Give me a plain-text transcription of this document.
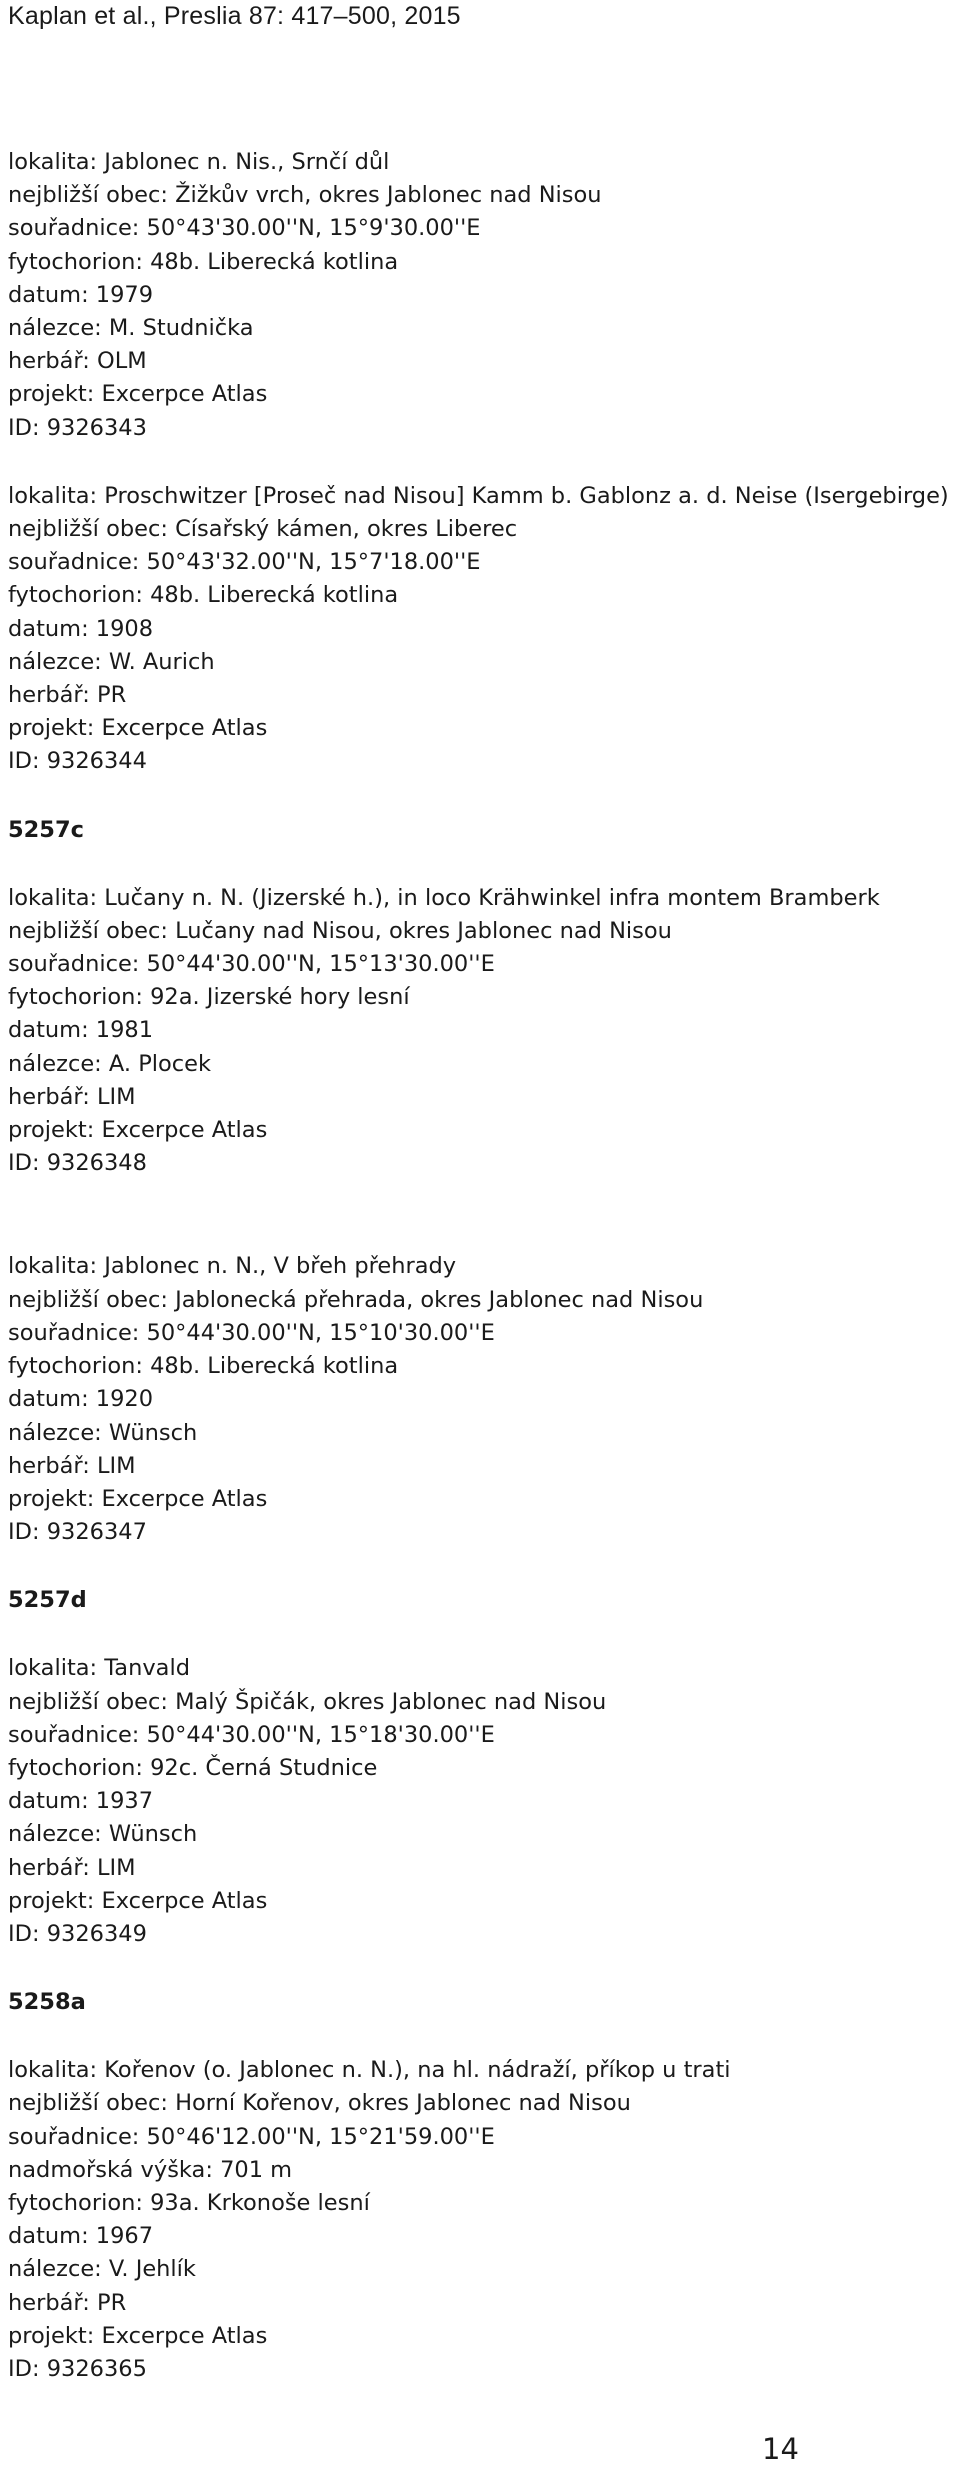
Kaplan et al., Preslia 87: 417–500, 2015
lokalita: Jablonec n. Nis., Srnčí důl
nejbližší obec: Žižkův vrch, okres Jablonec nad Nisou
souřadnice: 50°43'30.00''N, 15°9'30.00''E
fytochorion: 48b. Liberecká kotlina
datum: 1979
nálezce: M. Studnička
herbář: OLM
projekt: Excerpce Atlas
ID: 9326343
lokalita: Proschwitzer [Proseč nad Nisou] Kamm b. Gablonz a. d. Neise (Isergebirge)
nejbližší obec: Císařský kámen, okres Liberec
souřadnice: 50°43'32.00''N, 15°7'18.00''E
fytochorion: 48b. Liberecká kotlina
datum: 1908
nálezce: W. Aurich
herbář: PR
projekt: Excerpce Atlas
ID: 9326344
5257c
lokalita: Lučany n. N. (Jizerské h.), in loco Krähwinkel infra montem Bramberk
nejbližší obec: Lučany nad Nisou, okres Jablonec nad Nisou
souřadnice: 50°44'30.00''N, 15°13'30.00''E
fytochorion: 92a. Jizerské hory lesní
datum: 1981
nálezce: A. Plocek
herbář: LIM
projekt: Excerpce Atlas
ID: 9326348
lokalita: Jablonec n. N., V břeh přehrady
nejbližší obec: Jablonecká přehrada, okres Jablonec nad Nisou
souřadnice: 50°44'30.00''N, 15°10'30.00''E
fytochorion: 48b. Liberecká kotlina
datum: 1920
nálezce: Wünsch
herbář: LIM
projekt: Excerpce Atlas
ID: 9326347
5257d
lokalita: Tanvald
nejbližší obec: Malý Špičák, okres Jablonec nad Nisou
souřadnice: 50°44'30.00''N, 15°18'30.00''E
fytochorion: 92c. Černá Studnice
datum: 1937
nálezce: Wünsch
herbář: LIM
projekt: Excerpce Atlas
ID: 9326349
5258a
lokalita: Kořenov (o. Jablonec n. N.), na hl. nádraží, příkop u trati
nejbližší obec: Horní Kořenov, okres Jablonec nad Nisou
souřadnice: 50°46'12.00''N, 15°21'59.00''E
nadmořská výška: 701 m
fytochorion: 93a. Krkonoše lesní
datum: 1967
nálezce: V. Jehlík
herbář: PR
projekt: Excerpce Atlas
ID: 9326365
14
